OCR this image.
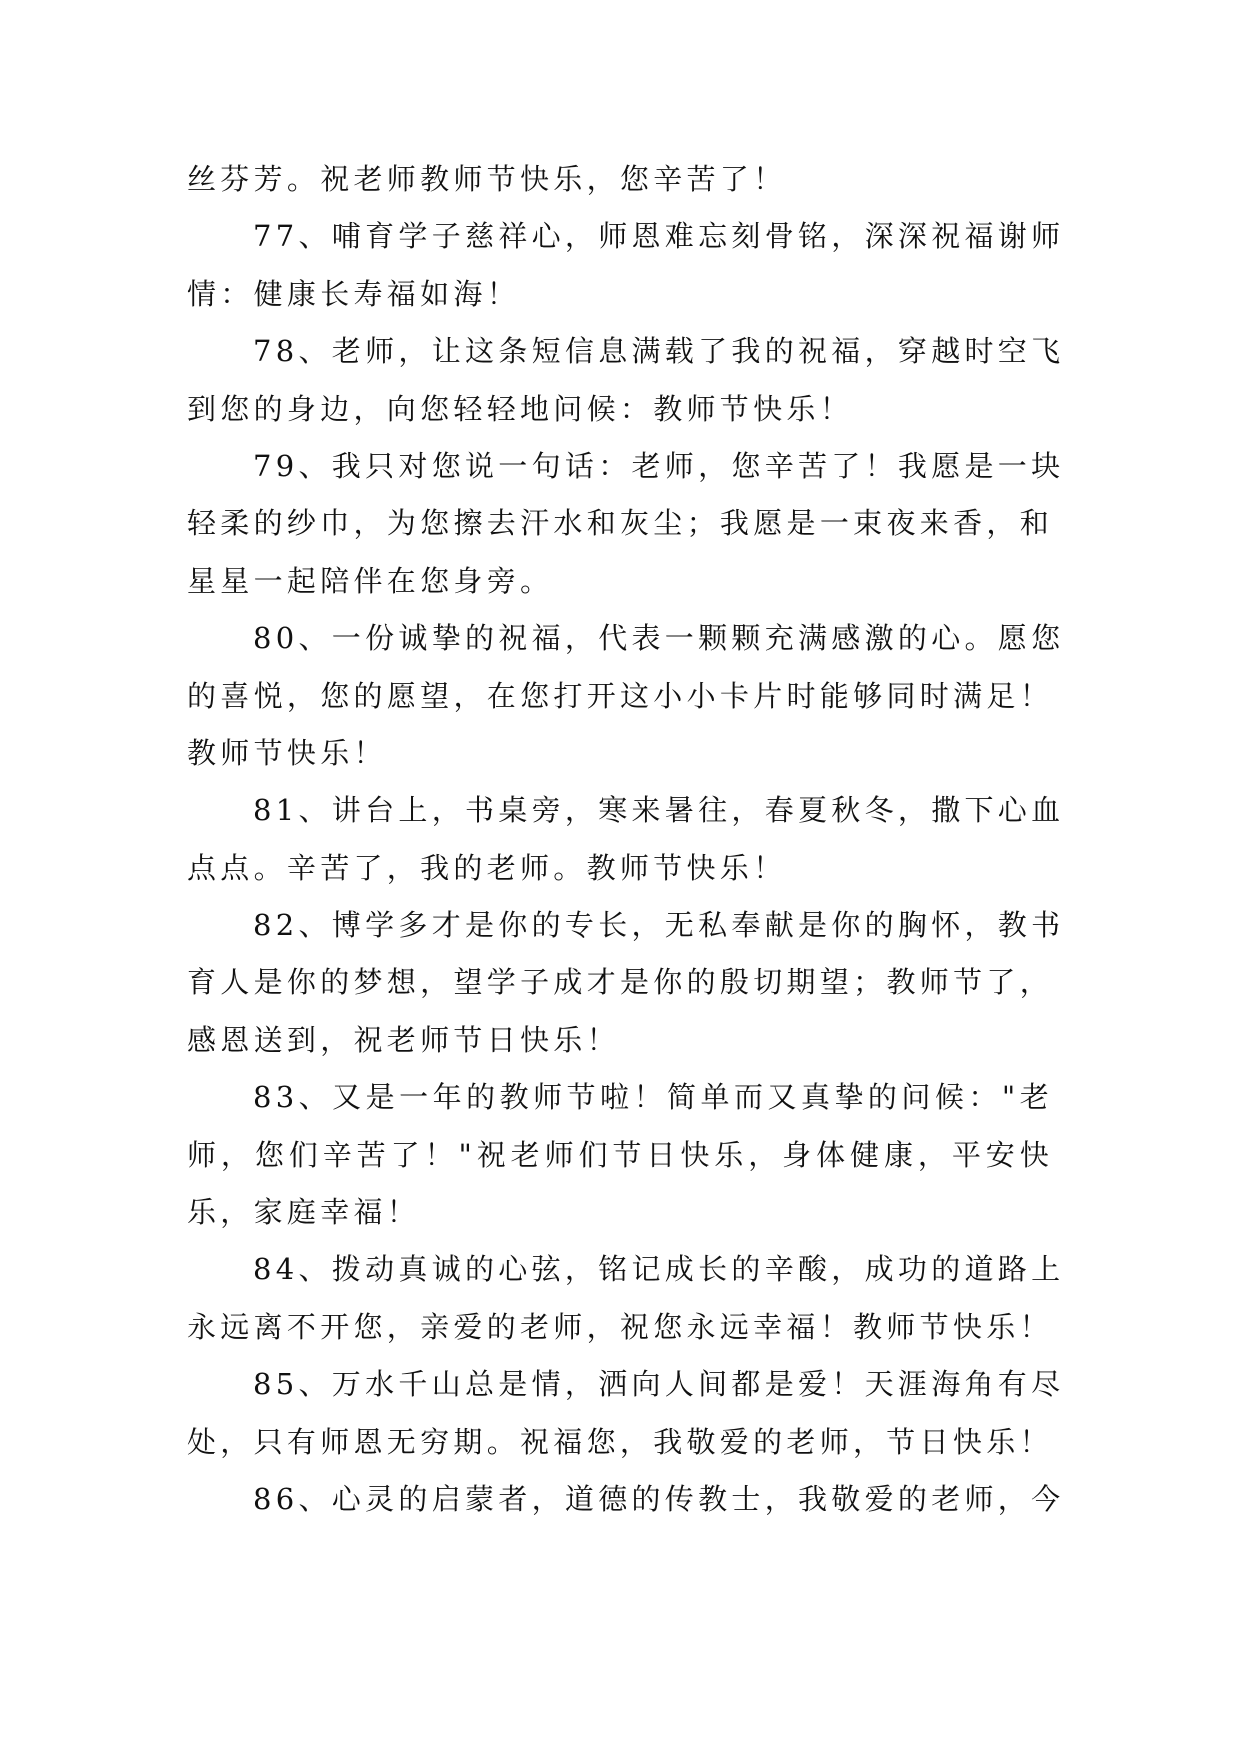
丝芬芳。祝老师教师节快乐，您辛苦了！
77、哺育学子慈祥心，师恩难忘刻骨铭，深深祝福谢师
情：健康长寿福如海！
78、老师，让这条短信息满载了我的祝福，穿越时空飞
到您的身边，向您轻轻地问候：教师节快乐！
79、我只对您说一句话：老师，您辛苦了！我愿是一块
轻柔的纱巾，为您擦去汗水和灰尘；我愿是一束夜来香，和
星星一起陪伴在您身旁。
80、一份诚挚的祝福，代表一颗颗充满感激的心。愿您
的喜悦，您的愿望，在您打开这小小卡片时能够同时满足！
教师节快乐！
81、讲台上，书桌旁，寒来暑往，春夏秋冬，撒下心血
点点。辛苦了，我的老师。教师节快乐！
82、博学多才是你的专长，无私奉献是你的胸怀，教书
育人是你的梦想，望学子成才是你的殷切期望；教师节了，
感恩送到，祝老师节日快乐！
83、又是一年的教师节啦！简单而又真挚的问候："老
师，您们辛苦了！"祝老师们节日快乐，身体健康，平安快
乐，家庭幸福！
84、拨动真诚的心弦，铭记成长的辛酸，成功的道路上
永远离不开您，亲爱的老师，祝您永远幸福！教师节快乐！
85、万水千山总是情，洒向人间都是爱！天涯海角有尽
处，只有师恩无穷期。祝福您，我敬爱的老师，节日快乐！
86、心灵的启蒙者，道德的传教士，我敬爱的老师，今
